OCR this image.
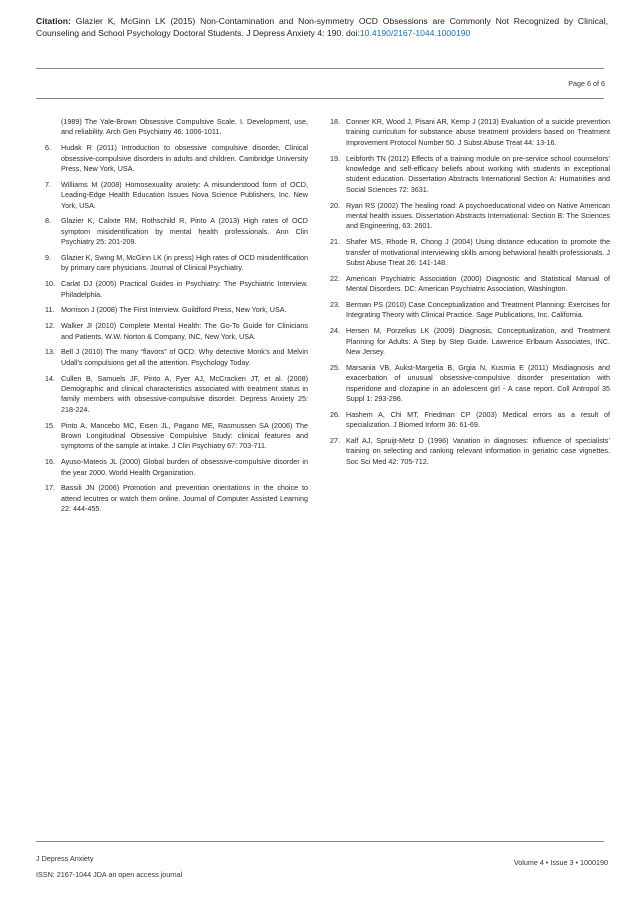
Citation: Glazier K, McGinn LK (2015) Non-Contamination and Non-symmetry OCD Obsessions are Commonly Not Recognized by Clinical, Counseling and School Psychology Doctoral Students. J Depress Anxiety 4: 190. doi:10.4190/2167-1044.1000190
Page 6 of 6
(1989) The Yale-Brown Obsessive Compulsive Scale. I. Development, use, and reliability. Arch Gen Psychiatry 46: 1006-1011.
6. Hudak R (2011) Introduction to obsessive compulsive disorder, Clinical obsessive-compulsive disorders in adults and children. Cambridge University Press, New York, USA.
7. Williams M (2008) Homosexuality anxiety: A misunderstood form of OCD, Leading-Edge Health Education Issues Nova Science Publishers, Inc. New York, USA.
8. Glazier K, Calixte RM, Rothschild R, Pinto A (2013) High rates of OCD symptom misidentification by mental health professionals. Ann Clin Psychiatry 25: 201-209.
9. Glazier K, Swing M, McGinn LK (in press) High rates of OCD misidentification by primary care physicians. Journal of Clinical Psychiatry.
10. Carlat DJ (2005) Practical Guides in Psychiatry: The Psychiatric Interview. Philadelphia.
11. Morrison J (2008) The First Interview. Guildford Press, New York, USA.
12. Walker JI (2010) Complete Mental Health: The Go-To Guide for Clinicians and Patients. W.W. Norton & Company, INC, New York, USA.
13. Bell J (2010) The many “flavors” of OCD: Why detective Monk’s and Melvin Udall’s compulsions get all the attention. Psychology Today.
14. Cullen B, Samuels JF, Pinto A, Fyer AJ, McCracken JT, et al. (2008) Demographic and clinical characteristics associated with treatment status in family members with obsessive-compulsive disorder. Depress Anxiety 25: 218-224.
15. Pinto A, Mancebo MC, Eisen JL, Pagano ME, Rasmussen SA (2006) The Brown Longitudinal Obsessive Compulsive Study: clinical features and symptoms of the sample at intake. J Clin Psychiatry 67: 703-711.
16. Ayuso-Mateos JL (2000) Global burden of obsessive-compulsive disorder in the year 2000. World Health Organization.
17. Bassili JN (2006) Promotion and prevention orientations in the choice to attend lecutres or watch them online. Journal of Computer Assisted Learning 22: 444-455.
18. Conner KR, Wood J, Pisani AR, Kemp J (2013) Evaluation of a suicide prevention training curriculum for substance abuse treatment providers based on Treatment Improvement Protocol Number 50. J Subst Abuse Treat 44: 13-16.
19. Leibforth TN (2012) Effects of a training module on pre-service school counselors’ knowledge and self-efficacy beliefs about working with students in exceptional student education. Dissertation Abstracts International Section A: Humanities and Social Sciences 72: 3631.
20. Ryan RS (2002) The healing road: A psychoeducational video on Native American mental health issues. Dissertation Abstracts International: Section B: The Sciences and Engineering, 63: 2601.
21. Shafer MS, Rhode R, Chong J (2004) Using distance education to promote the transfer of motivational interviewing skills among behavioral health professionals. J Subst Abuse Treat 26: 141-148.
22. American Psychiatric Association (2000) Diagnostic and Statistical Manual of Mental Disorders. DC: American Psychiatric Association, Washington.
23. Berman PS (2010) Case Conceptualization and Treatment Planning: Exercises for Integrating Theory with Clinical Practice. Sage Publications, Inc. California.
24. Hersen M, Porzelius LK (2009) Diagnosis, Conceptualization, and Treatment Planning for Adults: A Step by Step Guide. Lawrence Erlbaum Associates, INC. New Jersey.
25. Marsania VB, Aukst-Margetia B, Grgia N, Kusmia E (2011) Misdiagnosis and exacerbation of unusual obsessive-compulsive disorder presentation with risperidone and clozapine in an adolescent girl - A case report. Coll Antropol 35 Suppl 1: 293-296.
26. Hashem A, Chi MT, Friedman CP (2003) Medical errors as a result of specialization. J Biomed Inform 36: 61-69.
27. Kalf AJ, Spruijt-Metz D (1996) Variation in diagnoses: influence of specialists’ training on selecting and ranking relevant information in geriatric case vignettes. Soc Sci Med 42: 705-712.
J Depress Anxiety
ISSN: 2167-1044 JDA an open access journal
Volume 4 • Issue 3 • 1000190
